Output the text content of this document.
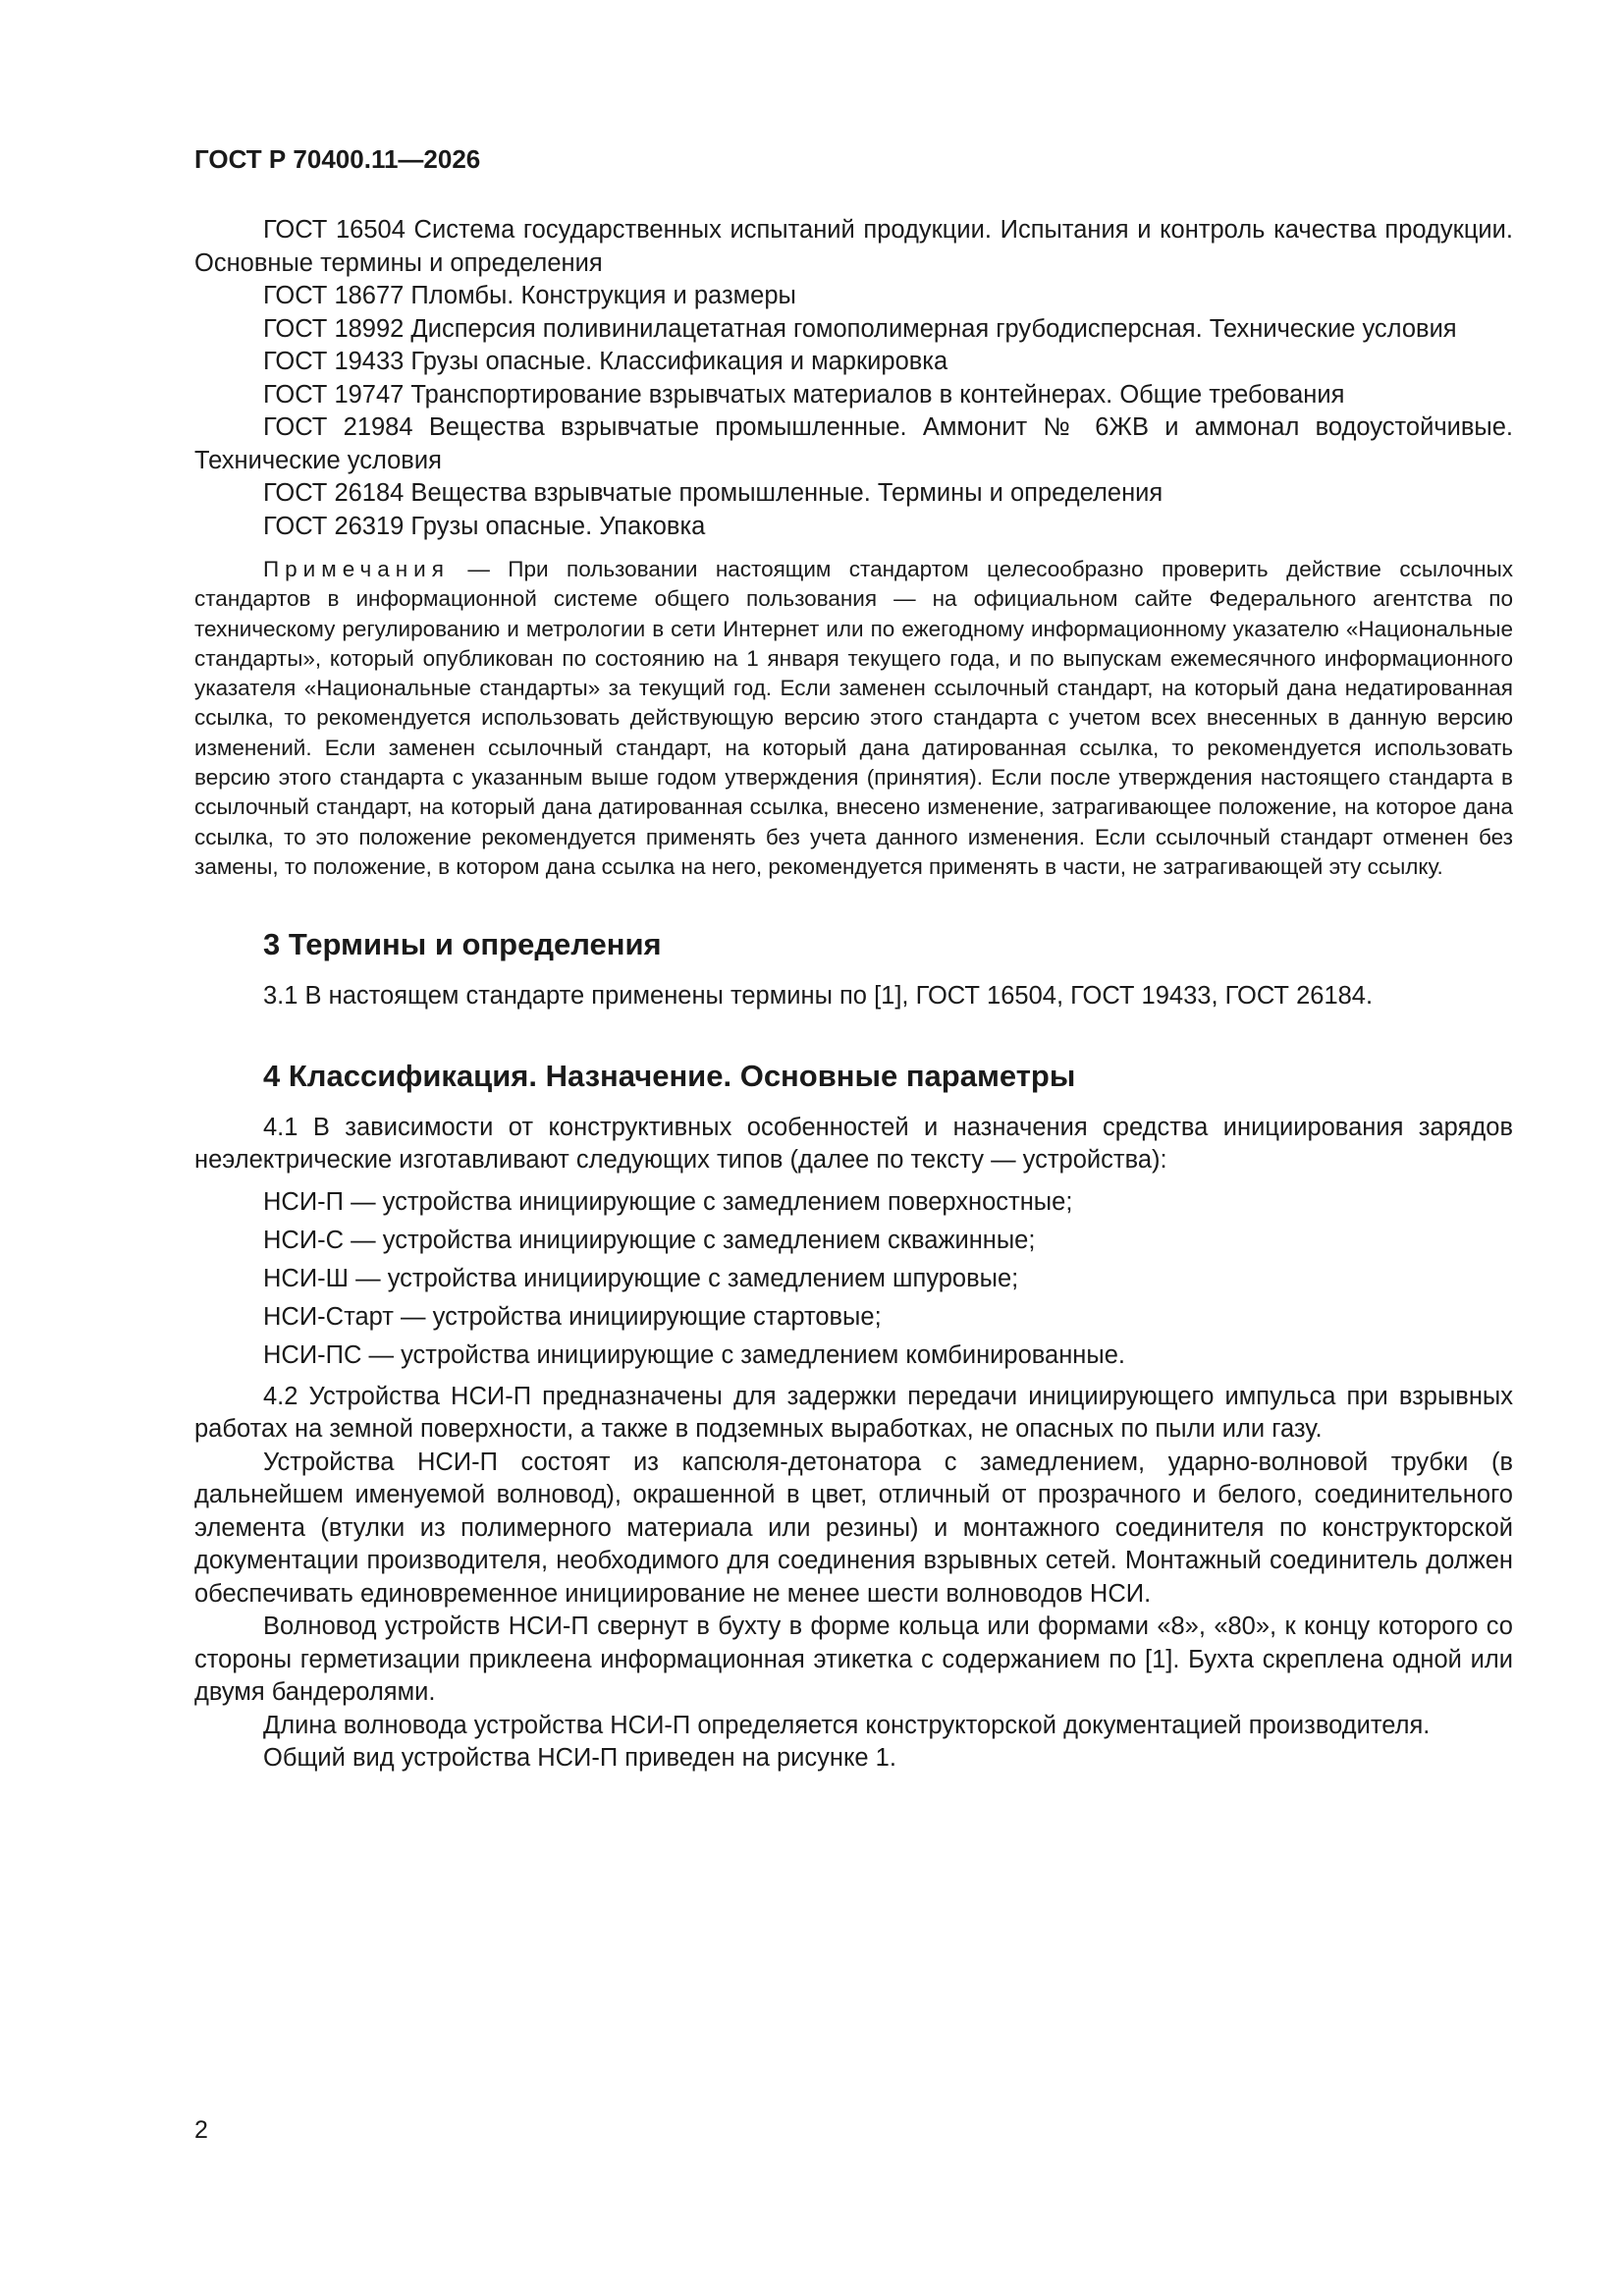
ГОСТ Р 70400.11—2026

ГОСТ 16504 Система государственных испытаний продукции. Испытания и контроль качества продукции. Основные термины и определения

ГОСТ 18677 Пломбы. Конструкция и размеры

ГОСТ 18992 Дисперсия поливинилацетатная гомополимерная грубодисперсная. Технические условия

ГОСТ 19433 Грузы опасные. Классификация и маркировка

ГОСТ 19747 Транспортирование взрывчатых материалов в контейнерах. Общие требования

ГОСТ 21984 Вещества взрывчатые промышленные. Аммонит № 6ЖВ и аммонал водоустойчивые. Технические условия

ГОСТ 26184 Вещества взрывчатые промышленные. Термины и определения

ГОСТ 26319 Грузы опасные. Упаковка

Примечания — При пользовании настоящим стандартом целесообразно проверить действие ссылочных стандартов в информационной системе общего пользования — на официальном сайте Федерального агентства по техническому регулированию и метрологии в сети Интернет или по ежегодному информационному указателю «Национальные стандарты», который опубликован по состоянию на 1 января текущего года, и по выпускам ежемесячного информационного указателя «Национальные стандарты» за текущий год. Если заменен ссылочный стандарт, на который дана недатированная ссылка, то рекомендуется использовать действующую версию этого стандарта с учетом всех внесенных в данную версию изменений. Если заменен ссылочный стандарт, на который дана датированная ссылка, то рекомендуется использовать версию этого стандарта с указанным выше годом утверждения (принятия). Если после утверждения настоящего стандарта в ссылочный стандарт, на который дана датированная ссылка, внесено изменение, затрагивающее положение, на которое дана ссылка, то это положение рекомендуется применять без учета данного изменения. Если ссылочный стандарт отменен без замены, то положение, в котором дана ссылка на него, рекомендуется применять в части, не затрагивающей эту ссылку.

3 Термины и определения

3.1 В настоящем стандарте применены термины по [1], ГОСТ 16504, ГОСТ 19433, ГОСТ 26184.

4 Классификация. Назначение. Основные параметры

4.1 В зависимости от конструктивных особенностей и назначения средства инициирования зарядов неэлектрические изготавливают следующих типов (далее по тексту — устройства):

НСИ-П — устройства инициирующие с замедлением поверхностные;

НСИ-С — устройства инициирующие с замедлением скважинные;

НСИ-Ш — устройства инициирующие с замедлением шпуровые;

НСИ-Старт — устройства инициирующие стартовые;

НСИ-ПС — устройства инициирующие с замедлением комбинированные.

4.2 Устройства НСИ-П предназначены для задержки передачи инициирующего импульса при взрывных работах на земной поверхности, а также в подземных выработках, не опасных по пыли или газу.

Устройства НСИ-П состоят из капсюля-детонатора с замедлением, ударно-волновой трубки (в дальнейшем именуемой волновод), окрашенной в цвет, отличный от прозрачного и белого, соединительного элемента (втулки из полимерного материала или резины) и монтажного соединителя по конструкторской документации производителя, необходимого для соединения взрывных сетей. Монтажный соединитель должен обеспечивать единовременное инициирование не менее шести волноводов НСИ.

Волновод устройств НСИ-П свернут в бухту в форме кольца или формами «8», «80», к концу которого со стороны герметизации приклеена информационная этикетка с содержанием по [1]. Бухта скреплена одной или двумя бандеролями.

Длина волновода устройства НСИ-П определяется конструкторской документацией производителя.

Общий вид устройства НСИ-П приведен на рисунке 1.

2
